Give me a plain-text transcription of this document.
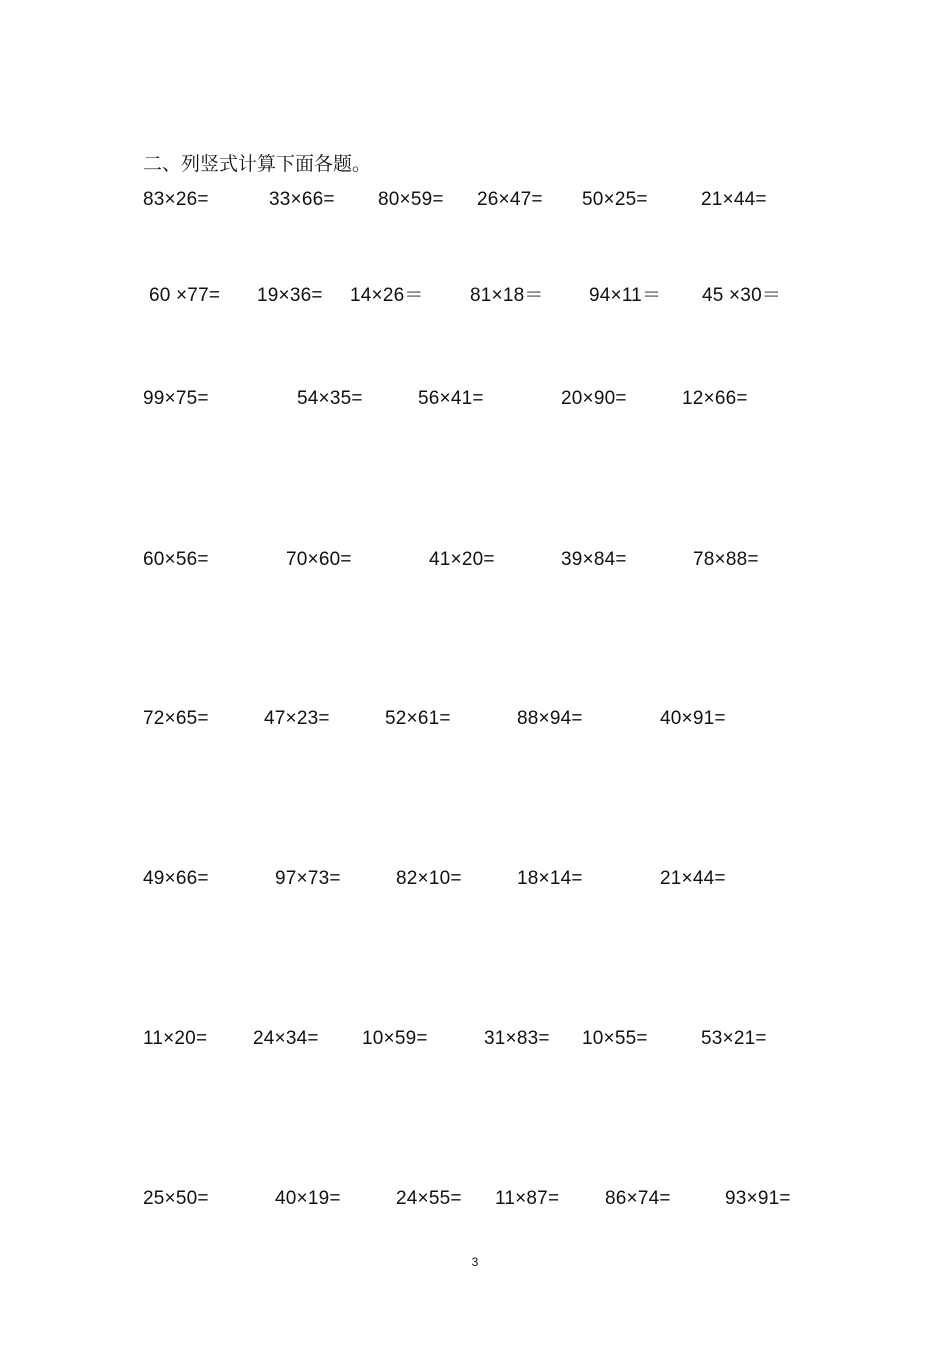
二、列竖式计算下面各题。
83×26=	33×66= 80×59= 26×47= 50×25=	21×44=
60 ×77= 19×36= 14×26＝ 81×18＝ 94×11＝ 45 ×30＝
99×75=	54×35=	56×41=	20×90=	12×66=
60×56=	70×60=	41×20=	39×84=	78×88=
72×65=	47×23=	52×61=	88×94=	40×91=
49×66=	97×73=	82×10=	18×14=	21×44=
11×20= 24×34= 10×59=	31×83= 10×55=	53×21=
25×50=	40×19=	24×55= 11×87= 86×74=	93×91=
3
